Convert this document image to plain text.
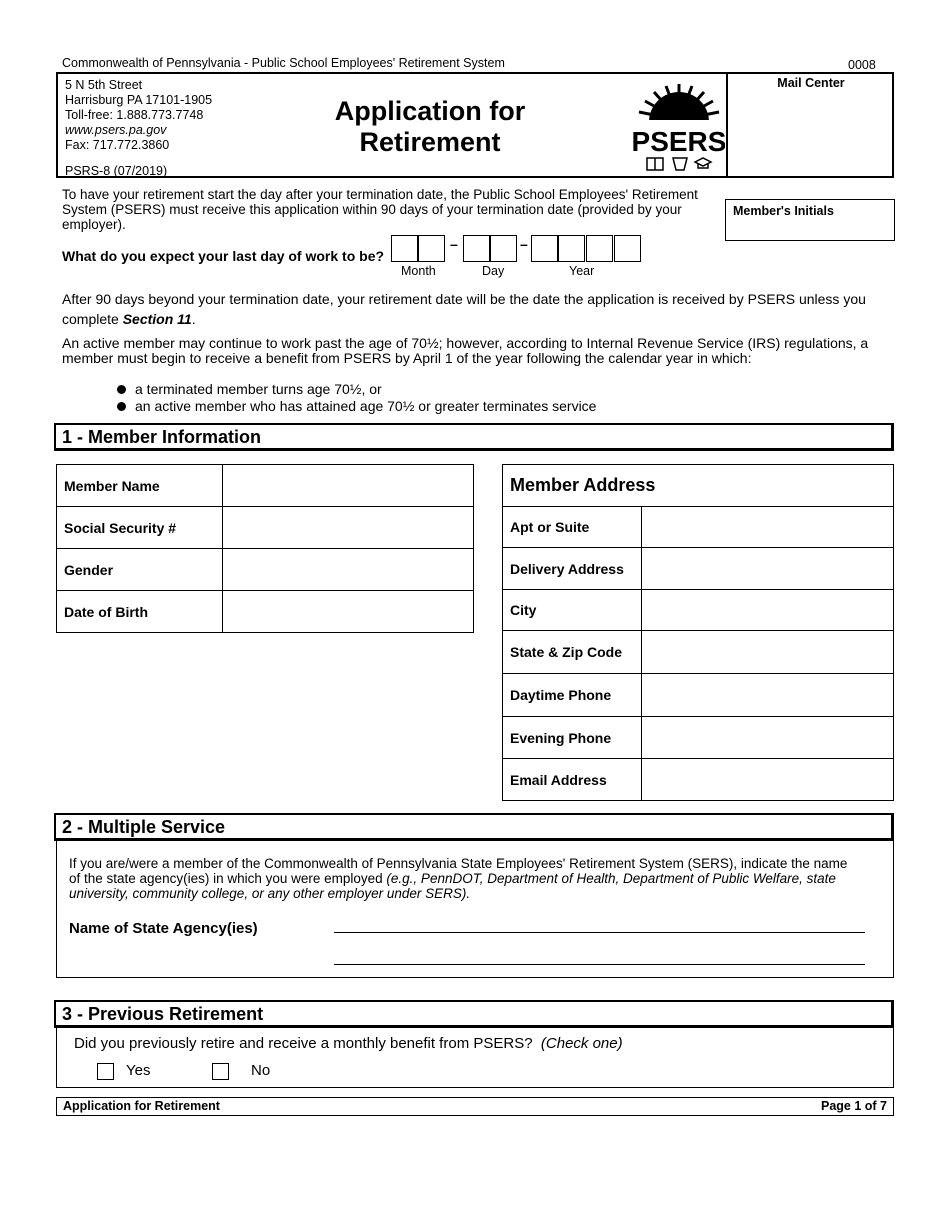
Commonwealth of Pennsylvania - Public School Employees' Retirement System	0008
5 N 5th Street
Harrisburg PA 17101-1905
Toll-free: 1.888.773.7748
www.psers.pa.gov
Fax: 717.772.3860
PSRS-8 (07/2019)
Application for
Retirement	PSERS
Mail Center
To have your retirement start the day after your termination date, the Public School Employees' Retirement System (PSERS) must receive this application within 90 days of your termination date (provided by your employer).
Member's Initials
What do you expect your last day of work to be?
–	–
Month	Day	Year
After 90 days beyond your termination date, your retirement date will be the date the application is received by PSERS unless you complete Section 11.
An active member may continue to work past the age of 70½; however, according to Internal Revenue Service (IRS) regulations, a member must begin to receive a benefit from PSERS by April 1 of the year following the calendar year in which:
a terminated member turns age 70½, or
an active member who has attained age 70½ or greater terminates service
1 - Member Information
Member Name	
Social Security #	
Gender	
Date of Birth	
Member Address	
Apt or Suite	
Delivery Address	
City	
State & Zip Code	
Daytime Phone	
Evening Phone	
Email Address	
2 - Multiple Service
If you are/were a member of the Commonwealth of Pennsylvania State Employees' Retirement System (SERS), indicate the name of the state agency(ies) in which you were employed (e.g., PennDOT, Department of Health, Department of Public Welfare, state university, community college, or any other employer under SERS).
Name of State Agency(ies)
3 - Previous Retirement
Did you previously retire and receive a monthly benefit from PSERS? (Check one)
Yes	No
Application for Retirement	Page 1 of 7
